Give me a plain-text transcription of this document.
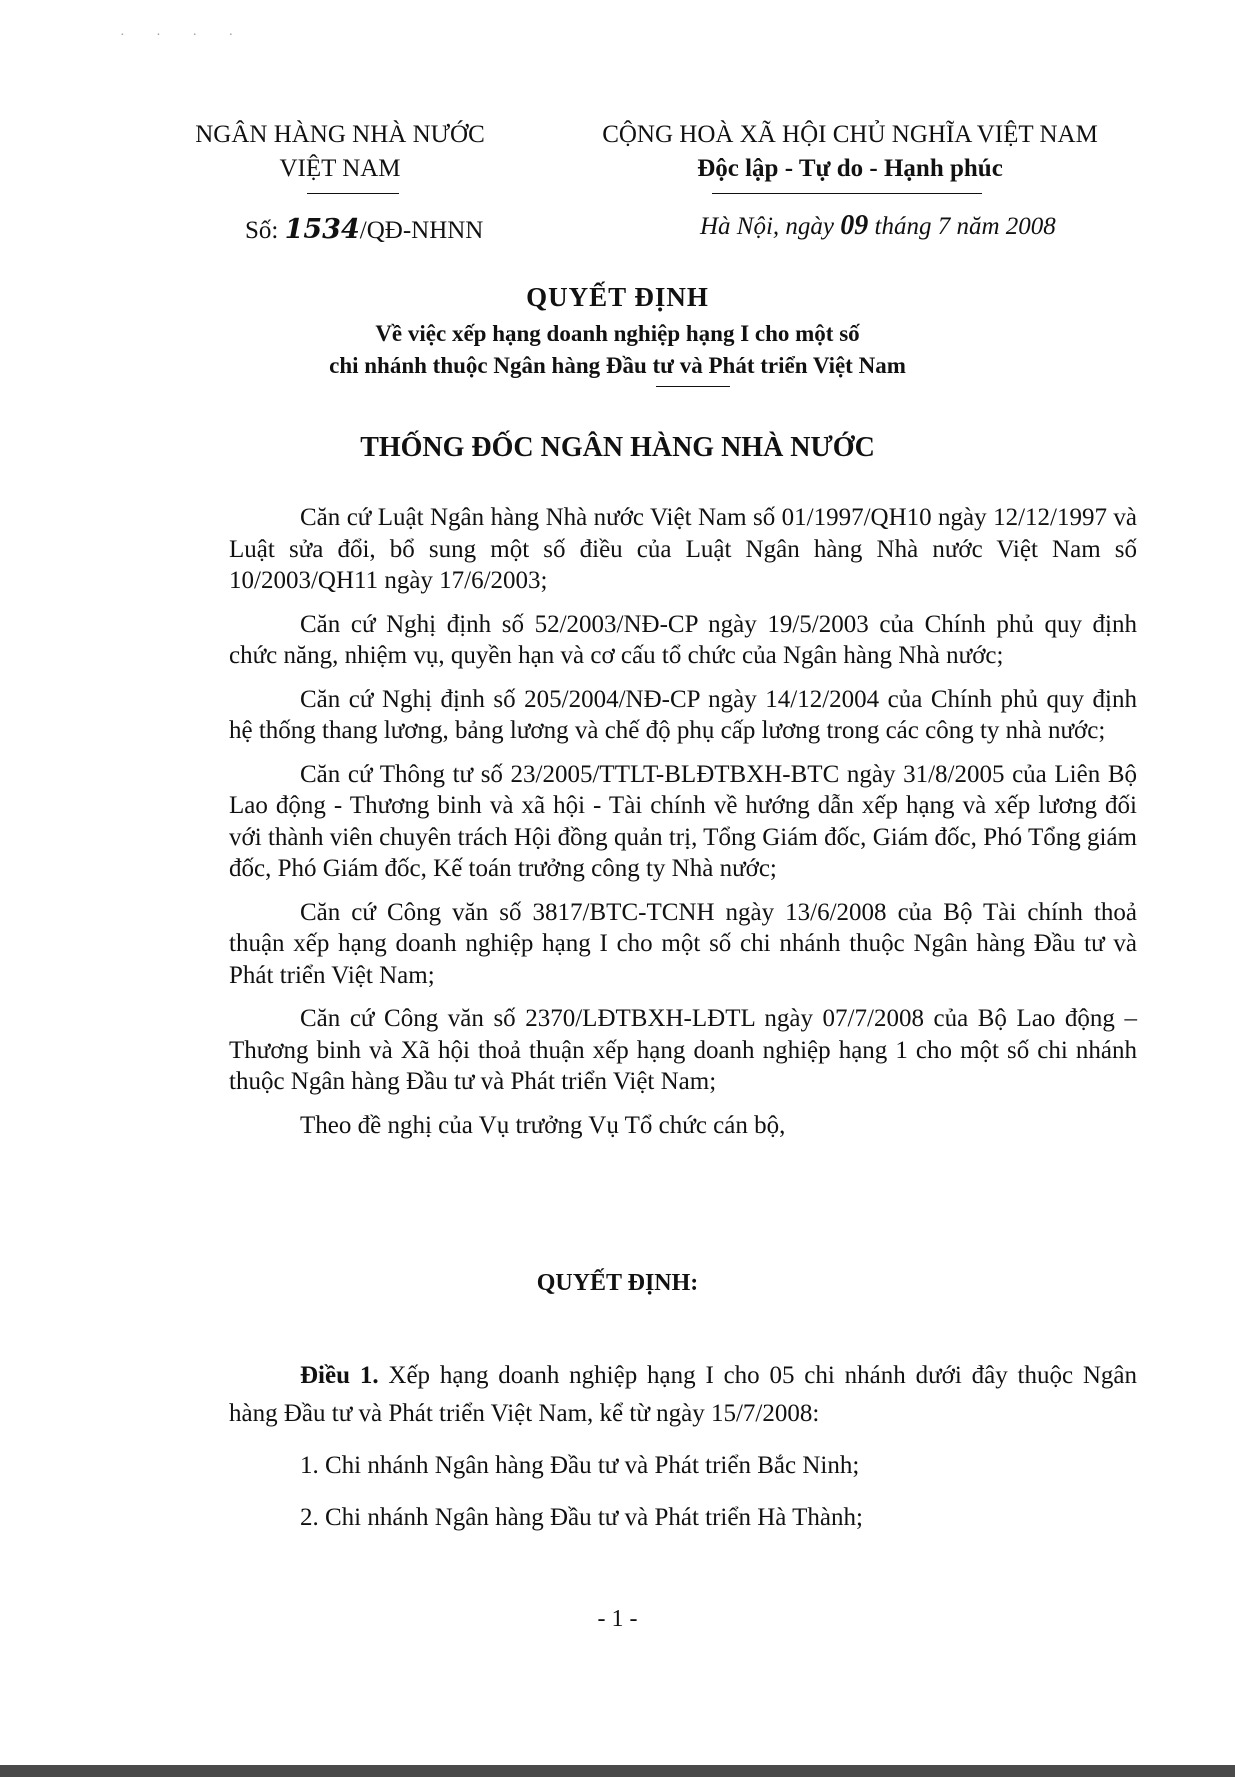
· · · ·
NGÂN HÀNG NHÀ NƯỚC
VIỆT NAM
CỘNG HOÀ XÃ HỘI CHỦ NGHĨA VIỆT NAM
Độc lập - Tự do - Hạnh phúc
Số: 1534/QĐ-NHNN	Hà Nội, ngày 09 tháng 7 năm 2008
QUYẾT ĐỊNH
Về việc xếp hạng doanh nghiệp hạng I cho một số
chi nhánh thuộc Ngân hàng Đầu tư và Phát triển Việt Nam
THỐNG ĐỐC NGÂN HÀNG NHÀ NƯỚC

Căn cứ Luật Ngân hàng Nhà nước Việt Nam số 01/1997/QH10 ngày 12/12/1997 và Luật sửa đổi, bổ sung một số điều của Luật Ngân hàng Nhà nước Việt Nam số 10/2003/QH11 ngày 17/6/2003;

Căn cứ Nghị định số 52/2003/NĐ-CP ngày 19/5/2003 của Chính phủ quy định chức năng, nhiệm vụ, quyền hạn và cơ cấu tổ chức của Ngân hàng Nhà nước;

Căn cứ Nghị định số 205/2004/NĐ-CP ngày 14/12/2004 của Chính phủ quy định hệ thống thang lương, bảng lương và chế độ phụ cấp lương trong các công ty nhà nước;

Căn cứ Thông tư số 23/2005/TTLT-BLĐTBXH-BTC ngày 31/8/2005 của Liên Bộ Lao động - Thương binh và xã hội - Tài chính về hướng dẫn xếp hạng và xếp lương đối với thành viên chuyên trách Hội đồng quản trị, Tổng Giám đốc, Giám đốc, Phó Tổng giám đốc, Phó Giám đốc, Kế toán trưởng công ty Nhà nước;

Căn cứ Công văn số 3817/BTC-TCNH ngày 13/6/2008 của Bộ Tài chính thoả thuận xếp hạng doanh nghiệp hạng I cho một số chi nhánh thuộc Ngân hàng Đầu tư và Phát triển Việt Nam;

Căn cứ Công văn số 2370/LĐTBXH-LĐTL ngày 07/7/2008 của Bộ Lao động – Thương binh và Xã hội thoả thuận xếp hạng doanh nghiệp hạng 1 cho một số chi nhánh thuộc Ngân hàng Đầu tư và Phát triển Việt Nam;

Theo đề nghị của Vụ trưởng Vụ Tổ chức cán bộ,

QUYẾT ĐỊNH:

Điều 1. Xếp hạng doanh nghiệp hạng I cho 05 chi nhánh dưới đây thuộc Ngân hàng Đầu tư và Phát triển Việt Nam, kể từ ngày 15/7/2008:

1. Chi nhánh Ngân hàng Đầu tư và Phát triển Bắc Ninh;

2. Chi nhánh Ngân hàng Đầu tư và Phát triển Hà Thành;

- 1 -
